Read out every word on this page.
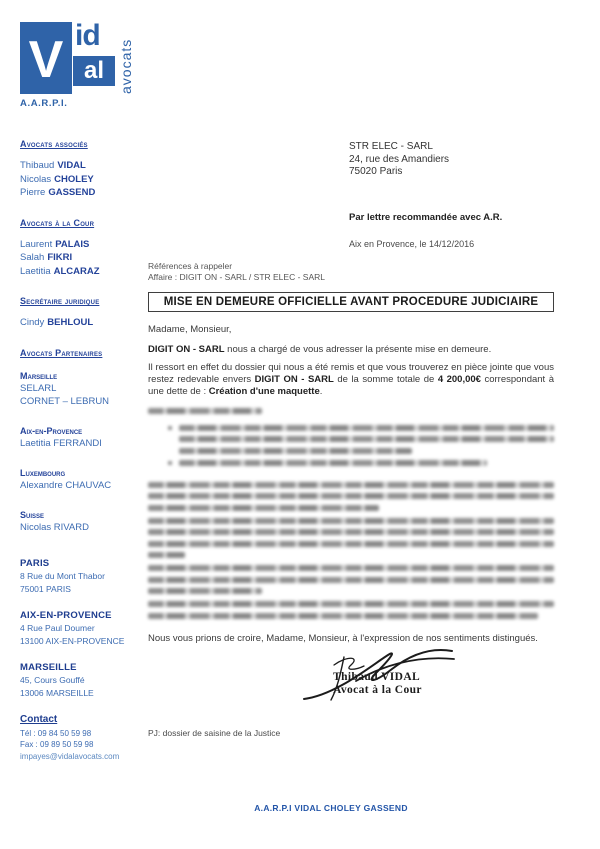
V id
al avocats
A.A.R.P.I.
Avocats associés
Thibaud VIDAL
Nicolas CHOLEY
Pierre GASSEND
Avocats à la Cour
Laurent PALAIS
Salah FIKRI
Laetitia ALCARAZ
Secrétaire juridique
Cindy BEHLOUL
Avocats Partenaires
Marseille
SELARL
CORNET – LEBRUN
Aix-en-Provence
Laetitia FERRANDI
Luxembourg
Alexandre CHAUVAC
Suisse
Nicolas RIVARD
PARIS
8 Rue du Mont Thabor
75001 PARIS
AIX-EN-PROVENCE
4 Rue Paul Doumer
13100 AIX-EN-PROVENCE
MARSEILLE
45, Cours Gouffé
13006 MARSEILLE
Contact
Tél : 09 84 50 59 98
Fax : 09 89 50 59 98
impayes@vidalavocats.com
STR ELEC - SARL
24, rue des Amandiers
75020 Paris
Par lettre recommandée avec A.R.
Aix en Provence, le 14/12/2016
Références à rappeler
Affaire : DIGIT ON - SARL / STR ELEC - SARL
MISE EN DEMEURE OFFICIELLE AVANT PROCEDURE JUDICIAIRE
Madame, Monsieur,

DIGIT ON - SARL nous a chargé de vous adresser la présente mise en demeure.

Il ressort en effet du dossier qui nous a été remis et que vous trouverez en pièce jointe que vous restez redevable envers DIGIT ON - SARL de la somme totale de 4 200,00€ correspondant à une dette de : Création d'une maquette.

Nous vous prions de croire, Madame, Monsieur, à l'expression de nos sentiments distingués.
Thibaud VIDAL
Avocat à la Cour
PJ: dossier de saisine de la Justice
A.A.R.P.I VIDAL CHOLEY GASSEND
